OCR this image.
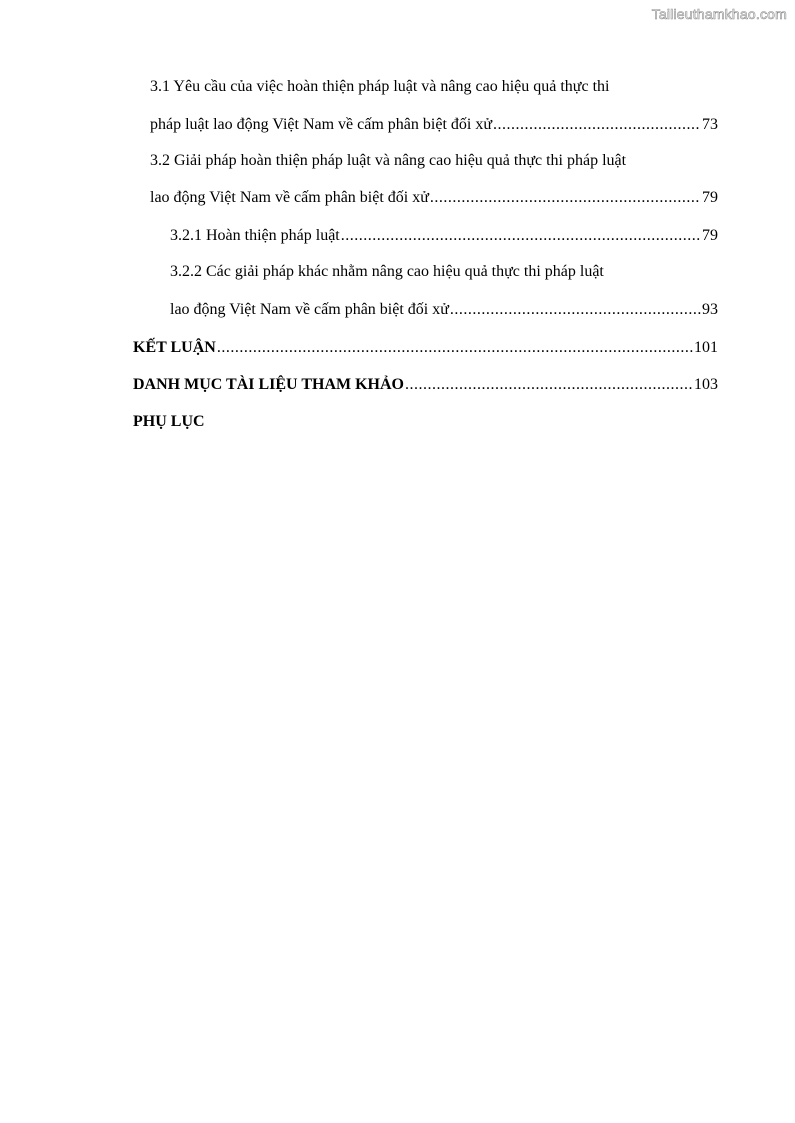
Tailieuthamkhao.com
3.1 Yêu cầu của việc hoàn thiện pháp luật và nâng cao hiệu quả thực thi
pháp luật lao động Việt Nam về cấm phân biệt đối xử .....	73
3.2 Giải pháp hoàn thiện pháp luật và nâng cao hiệu quả thực thi pháp luật
lao động Việt Nam về cấm phân biệt đối xử .....	79
3.2.1 Hoàn thiện pháp luật .....	79
3.2.2 Các giải pháp khác nhằm nâng cao hiệu quả thực thi pháp luật
lao động Việt Nam về cấm phân biệt đối xử .....	93
KẾT LUẬN .....	101
DANH MỤC TÀI LIỆU THAM KHẢO .....	103
PHỤ LỤC
